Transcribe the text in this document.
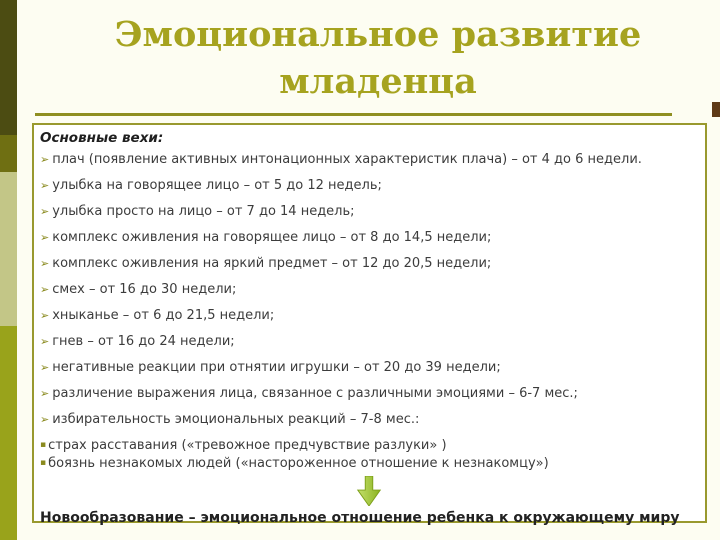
Эмоциональное развитие
младенца
Основные вехи:
➢ плач (появление активных интонационных характеристик плача) – от 4 до 6 недели.
➢ улыбка на говорящее лицо – от 5 до 12 недель;
➢ улыбка просто на лицо – от 7 до 14 недель;
➢ комплекс оживления на говорящее лицо – от 8 до 14,5 недели;
➢ комплекс оживления на яркий предмет – от 12 до 20,5 недели;
➢ смех – от 16 до 30 недели;
➢ хныканье – от 6 до 21,5 недели;
➢ гнев – от 16 до 24 недели;
➢ негативные реакции при отнятии игрушки – от 20 до 39 недели;
➢ различение выражения лица, связанное с различными эмоциями – 6-7 мес.;
➢ избирательность эмоциональных реакций – 7-8 мес.:
▪ страх расставания («тревожное предчувствие разлуки» )
▪ боязнь незнакомых людей («настороженное отношение к незнакомцу»)
Новообразование – эмоциональное отношение ребенка к окружающему миру
